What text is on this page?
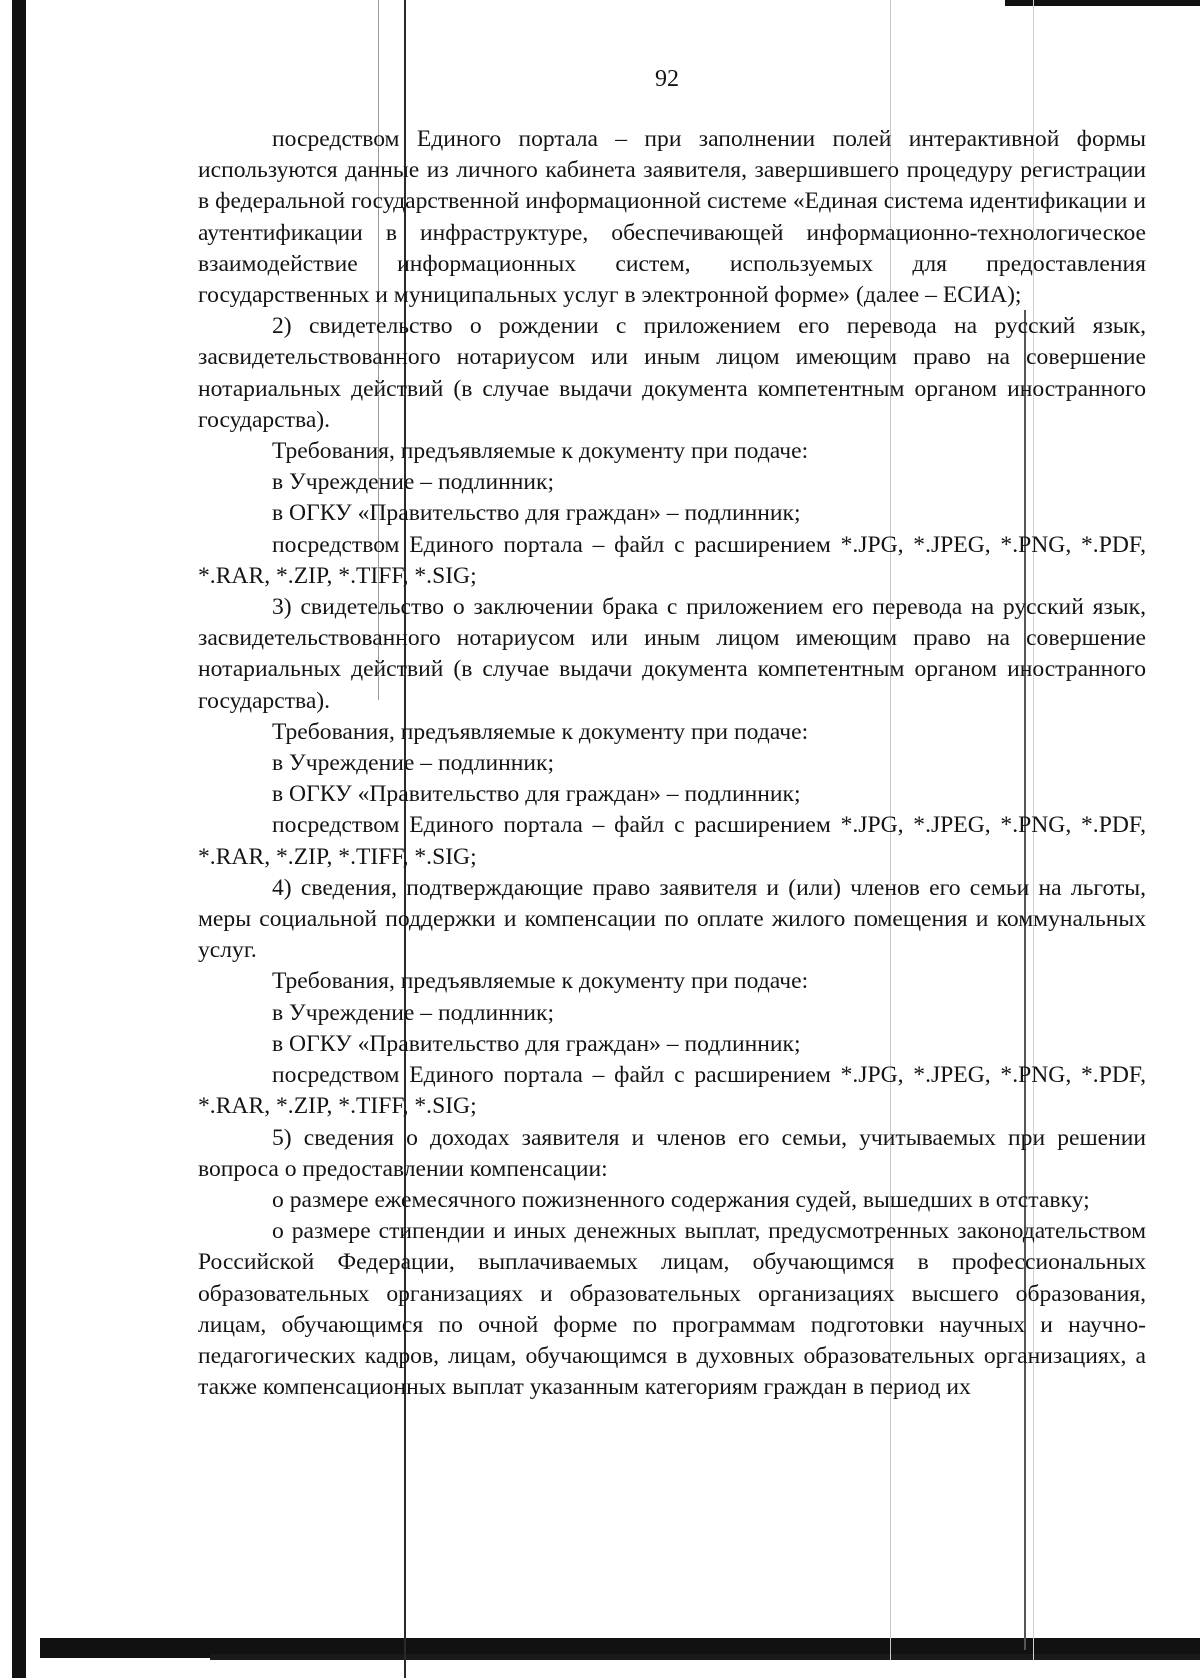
92

посредством Единого портала – при заполнении полей интерактивной формы используются данные из личного кабинета заявителя, завершившего процедуру регистрации в федеральной государственной информационной системе «Единая система идентификации и аутентификации в инфраструктуре, обеспечивающей информационно-технологическое взаимодействие информационных систем, используемых для предоставления государственных и муниципальных услуг в электронной форме» (далее – ЕСИА);

2) свидетельство о рождении с приложением его перевода на русский язык, засвидетельствованного нотариусом или иным лицом имеющим право на совершение нотариальных действий (в случае выдачи документа компетентным органом иностранного государства).

Требования, предъявляемые к документу при подаче:

в Учреждение – подлинник;

в ОГКУ «Правительство для граждан» – подлинник;

посредством Единого портала – файл с расширением *.JPG, *.JPEG, *.PNG, *.PDF, *.RAR, *.ZIP, *.TIFF, *.SIG;

3) свидетельство о заключении брака с приложением его перевода на русский язык, засвидетельствованного нотариусом или иным лицом имеющим право на совершение нотариальных действий (в случае выдачи документа компетентным органом иностранного государства).

Требования, предъявляемые к документу при подаче:

в Учреждение – подлинник;

в ОГКУ «Правительство для граждан» – подлинник;

посредством Единого портала – файл с расширением *.JPG, *.JPEG, *.PNG, *.PDF, *.RAR, *.ZIP, *.TIFF, *.SIG;

4) сведения, подтверждающие право заявителя и (или) членов его семьи на льготы, меры социальной поддержки и компенсации по оплате жилого помещения и коммунальных услуг.

Требования, предъявляемые к документу при подаче:

в Учреждение – подлинник;

в ОГКУ «Правительство для граждан» – подлинник;

посредством Единого портала – файл с расширением *.JPG, *.JPEG, *.PNG, *.PDF, *.RAR, *.ZIP, *.TIFF, *.SIG;

5) сведения о доходах заявителя и членов его семьи, учитываемых при решении вопроса о предоставлении компенсации:

о размере ежемесячного пожизненного содержания судей, вышедших в отставку;

о размере стипендии и иных денежных выплат, предусмотренных законодательством Российской Федерации, выплачиваемых лицам, обучающимся в профессиональных образовательных организациях и образовательных организациях высшего образования, лицам, обучающимся по очной форме по программам подготовки научных и научно-педагогических кадров, лицам, обучающимся в духовных образовательных организациях, а также компенсационных выплат указанным категориям граждан в период их
